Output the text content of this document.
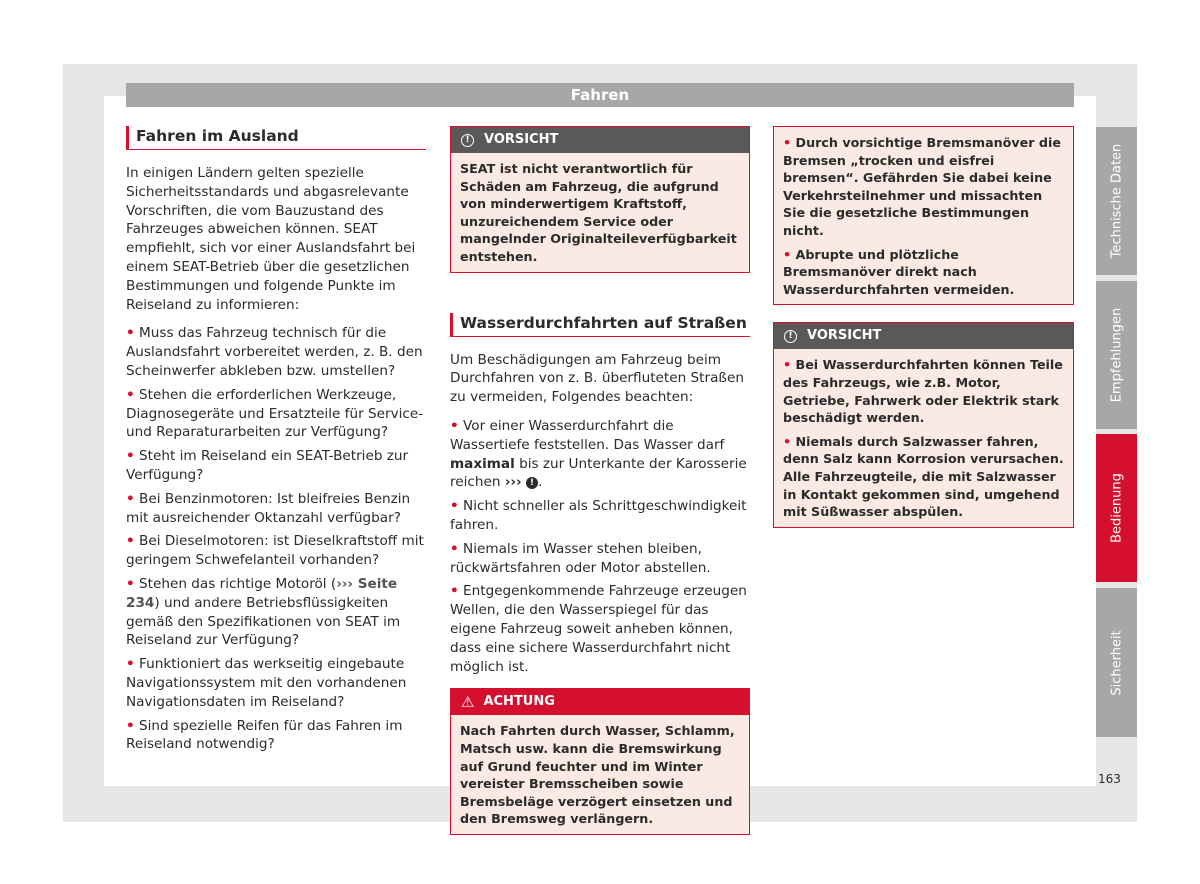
Fahren
Fahren im Ausland

In einigen Ländern gelten spezielle Sicherheitsstandards und abgasrelevante Vorschriften, die vom Bauzustand des Fahrzeuges abweichen können. SEAT empfiehlt, sich vor einer Auslandsfahrt bei einem SEAT-Betrieb über die gesetzlichen Bestimmungen und folgende Punkte im Reiseland zu informieren:

• Muss das Fahrzeug technisch für die Auslandsfahrt vorbereitet werden, z. B. den Scheinwerfer abkleben bzw. umstellen?

• Stehen die erforderlichen Werkzeuge, Diagnosegeräte und Ersatzteile für Service- und Reparaturarbeiten zur Verfügung?

• Steht im Reiseland ein SEAT-Betrieb zur Verfügung?

• Bei Benzinmotoren: Ist bleifreies Benzin mit ausreichender Oktanzahl verfügbar?

• Bei Dieselmotoren: ist Dieselkraftstoff mit geringem Schwefelanteil vorhanden?

• Stehen das richtige Motoröl (››› Seite 234) und andere Betriebsflüssigkeiten gemäß den Spezifikationen von SEAT im Reiseland zur Verfügung?

• Funktioniert das werkseitig eingebaute Navigationssystem mit den vorhandenen Navigationsdaten im Reiseland?

• Sind spezielle Reifen für das Fahren im Reiseland notwendig?

!	VORSICHT
SEAT ist nicht verantwortlich für Schäden am Fahrzeug, die aufgrund von minderwertigem Kraftstoff, unzureichendem Service oder mangelnder Originalteileverfügbarkeit entstehen.
Wasserdurchfahrten auf Straßen

Um Beschädigungen am Fahrzeug beim Durchfahren von z. B. überfluteten Straßen zu vermeiden, Folgendes beachten:

• Vor einer Wasserdurchfahrt die Wassertiefe feststellen. Das Wasser darf maximal bis zur Unterkante der Karosserie reichen ››› ! .

• Nicht schneller als Schrittgeschwindigkeit fahren.

• Niemals im Wasser stehen bleiben, rückwärtsfahren oder Motor abstellen.

• Entgegenkommende Fahrzeuge erzeugen Wellen, die den Wasserspiegel für das eigene Fahrzeug soweit anheben können, dass eine sichere Wasserdurchfahrt nicht möglich ist.

⚠ ACHTUNG
Nach Fahrten durch Wasser, Schlamm, Matsch usw. kann die Bremswirkung auf Grund feuchter und im Winter vereister Bremsscheiben sowie Bremsbeläge verzögert einsetzen und den Bremsweg verlängern.

• Durch vorsichtige Bremsmanöver die Bremsen „trocken und eisfrei bremsen“. Gefährden Sie dabei keine Verkehrsteilnehmer und missachten Sie die gesetzliche Bestimmungen nicht.

• Abrupte und plötzliche Bremsmanöver direkt nach Wasserdurchfahrten vermeiden.

!	VORSICHT

• Bei Wasserdurchfahrten können Teile des Fahrzeugs, wie z.B. Motor, Getriebe, Fahrwerk oder Elektrik stark beschädigt werden.

• Niemals durch Salzwasser fahren, denn Salz kann Korrosion verursachen. Alle Fahrzeugteile, die mit Salzwasser in Kontakt gekommen sind, umgehend mit Süßwasser abspülen.

Technische Daten
Empfehlungen
Bedienung
Sicherheit
163
